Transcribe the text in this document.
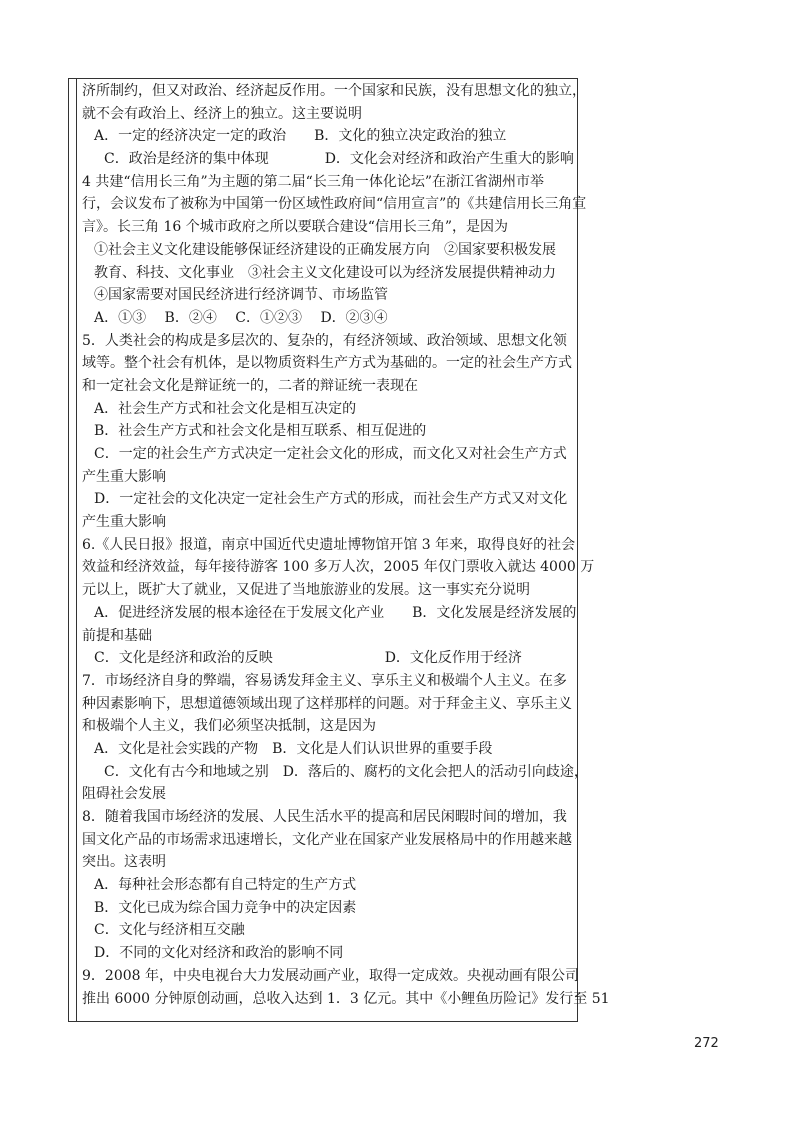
济所制约，但又对政治、经济起反作用。一个国家和民族，没有思想文化的独立，
就不会有政治上、经济上的独立。这主要说明
A．一定的经济决定一定的政治　　B．文化的独立决定政治的独立
C．政治是经济的集中体现　　　　D．文化会对经济和政治产生重大的影响
4 共建“信用长三角”为主题的第二届“长三角一体化论坛”在浙江省湖州市举
行，会议发布了被称为中国第一份区域性政府间“信用宣言”的《共建信用长三角宣
言》。长三角 16 个城市政府之所以要联合建设“信用长三角”，是因为
①社会主义文化建设能够保证经济建设的正确发展方向　②国家要积极发展
教育、科技、文化事业　③社会主义文化建设可以为经济发展提供精神动力
④国家需要对国民经济进行经济调节、市场监管
A．①③　 B．②④　 C．①②③　 D．②③④
5．人类社会的构成是多层次的、复杂的，有经济领域、政治领域、思想文化领
域等。整个社会有机体，是以物质资料生产方式为基础的。一定的社会生产方式
和一定社会文化是辩证统一的，二者的辩证统一表现在
A．社会生产方式和社会文化是相互决定的
B．社会生产方式和社会文化是相互联系、相互促进的
C．一定的社会生产方式决定一定社会文化的形成，而文化又对社会生产方式
产生重大影响
D．一定社会的文化决定一定社会生产方式的形成，而社会生产方式又对文化
产生重大影响
6.《人民日报》报道，南京中国近代史遗址博物馆开馆 3 年来，取得良好的社会
效益和经济效益，每年接待游客 100 多万人次，2005 年仅门票收入就达 4000 万
元以上，既扩大了就业，又促进了当地旅游业的发展。这一事实充分说明
A．促进经济发展的根本途径在于发展文化产业　　B．文化发展是经济发展的
前提和基础
C．文化是经济和政治的反映　　　　　　　　D．文化反作用于经济
7．市场经济自身的弊端，容易诱发拜金主义、享乐主义和极端个人主义。在多
种因素影响下，思想道德领域出现了这样那样的问题。对于拜金主义、享乐主义
和极端个人主义，我们必须坚决抵制，这是因为
A．文化是社会实践的产物　B．文化是人们认识世界的重要手段
C．文化有古今和地域之别　D．落后的、腐朽的文化会把人的活动引向歧途，
阻碍社会发展
8．随着我国市场经济的发展、人民生活水平的提高和居民闲暇时间的增加，我
国文化产品的市场需求迅速增长，文化产业在国家产业发展格局中的作用越来越
突出。这表明
A．每种社会形态都有自己特定的生产方式
B．文化已成为综合国力竞争中的决定因素
C．文化与经济相互交融
D．不同的文化对经济和政治的影响不同
9．2008 年，中央电视台大力发展动画产业，取得一定成效。央视动画有限公司
推出 6000 分钟原创动画，总收入达到 1．3 亿元。其中《小鲤鱼历险记》发行至 51
272
